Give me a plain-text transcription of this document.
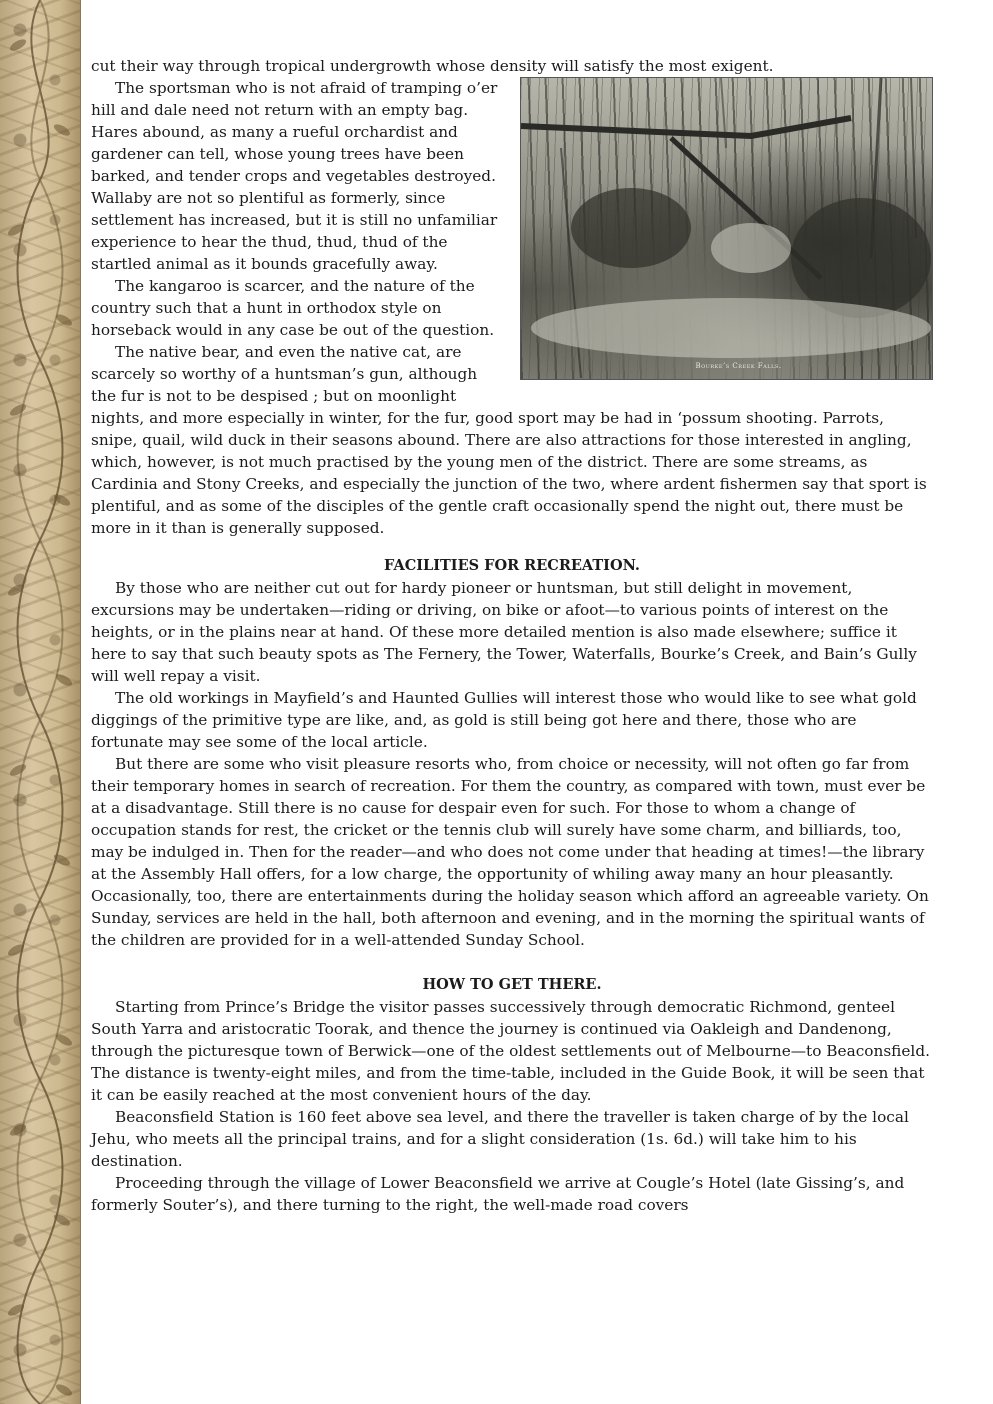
cut their way through tropical undergrowth whose density will satisfy the most exigent.

Bourke’s Creek Falls.
The sportsman who is not afraid of tramping o’er hill and dale need not return with an empty bag. Hares abound, as many a rueful orchardist and gardener can tell, whose young trees have been barked, and tender crops and vegetables destroyed. Wallaby are not so plentiful as formerly, since settlement has increased, but it is still no unfamiliar experience to hear the thud, thud, thud of the startled animal as it bounds gracefully away.

The kangaroo is scarcer, and the nature of the country such that a hunt in orthodox style on horseback would in any case be out of the question.

The native bear, and even the native cat, are scarcely so worthy of a huntsman’s gun, although the fur is not to be despised ; but on moonlight nights, and more especially in winter, for the fur, good sport may be had in ‘possum shooting. Parrots, snipe, quail, wild duck in their seasons abound. There are also attractions for those interested in angling, which, however, is not much practised by the young men of the district. There are some streams, as Cardinia and Stony Creeks, and especially the junction of the two, where ardent fishermen say that sport is plentiful, and as some of the disciples of the gentle craft occasionally spend the night out, there must be more in it than is generally supposed.

FACILITIES FOR RECREATION.

By those who are neither cut out for hardy pioneer or huntsman, but still delight in movement, excursions may be undertaken—riding or driving, on bike or afoot—to various points of interest on the heights, or in the plains near at hand. Of these more detailed mention is also made elsewhere; suffice it here to say that such beauty spots as The Fernery, the Tower, Waterfalls, Bourke’s Creek, and Bain’s Gully will well repay a visit.

The old workings in Mayfield’s and Haunted Gullies will interest those who would like to see what gold diggings of the primitive type are like, and, as gold is still being got here and there, those who are fortunate may see some of the local article.

But there are some who visit pleasure resorts who, from choice or necessity, will not often go far from their temporary homes in search of recreation. For them the country, as compared with town, must ever be at a disadvantage. Still there is no cause for despair even for such. For those to whom a change of occupation stands for rest, the cricket or the tennis club will surely have some charm, and billiards, too, may be indulged in. Then for the reader—and who does not come under that heading at times!—the library at the Assembly Hall offers, for a low charge, the opportunity of whiling away many an hour pleasantly. Occasionally, too, there are entertainments during the holiday season which afford an agreeable variety. On Sunday, services are held in the hall, both afternoon and evening, and in the morning the spiritual wants of the children are provided for in a well-attended Sunday School.

HOW TO GET THERE.

Starting from Prince’s Bridge the visitor passes successively through democratic Richmond, genteel South Yarra and aristocratic Toorak, and thence the journey is continued via Oakleigh and Dandenong, through the picturesque town of Berwick—one of the oldest settlements out of Melbourne—to Beaconsfield. The distance is twenty-eight miles, and from the time-table, included in the Guide Book, it will be seen that it can be easily reached at the most convenient hours of the day.

Beaconsfield Station is 160 feet above sea level, and there the traveller is taken charge of by the local Jehu, who meets all the principal trains, and for a slight consideration (1s. 6d.) will take him to his destination.

Proceeding through the village of Lower Beaconsfield we arrive at Cougle’s Hotel (late Gissing’s, and formerly Souter’s), and there turning to the right, the well-made road covers
